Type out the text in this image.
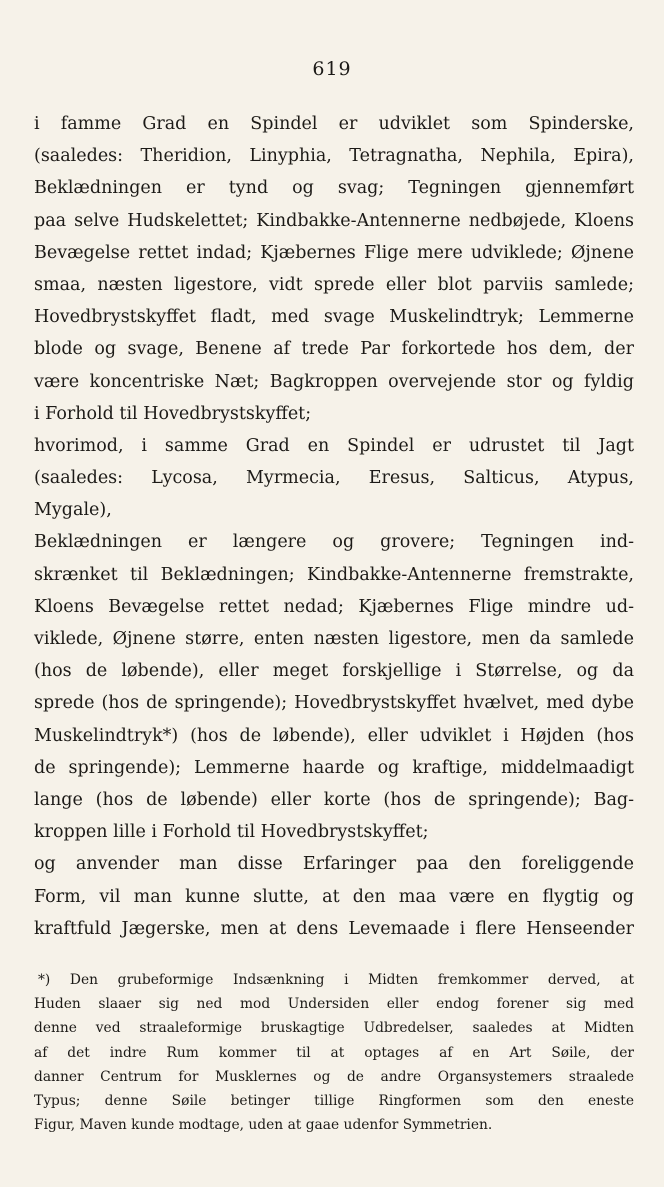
619
i famme Grad en Spindel er udviklet som Spinderske,
(saaledes: Theridion, Linyphia, Tetragnatha, Nephila, Epira),
Beklædningen er tynd og svag; Tegningen gjennemført
paa selve Hudskelettet; Kindbakke-Antennerne nedbøjede, Kloens
Bevægelse rettet indad; Kjæbernes Flige mere udviklede; Øjnene
smaa, næsten ligestore, vidt sprede eller blot parviis samlede;
Hovedbrystskyffet fladt, med svage Muskelindtryk; Lemmerne
blode og svage, Benene af trede Par forkortede hos dem, der
være koncentriske Næt; Bagkroppen overvejende stor og fyldig
i Forhold til Hovedbrystskyffet;
hvorimod, i samme Grad en Spindel er udrustet til Jagt
(saaledes: Lycosa, Myrmecia, Eresus, Salticus, Atypus,
Mygale),
Beklædningen er længere og grovere; Tegningen ind-
skrænket til Beklædningen; Kindbakke-Antennerne fremstrakte,
Kloens Bevægelse rettet nedad; Kjæbernes Flige mindre ud-
viklede, Øjnene større, enten næsten ligestore, men da samlede
(hos de løbende), eller meget forskjellige i Størrelse, og da
sprede (hos de springende); Hovedbrystskyffet hvælvet, med dybe
Muskelindtryk*) (hos de løbende), eller udviklet i Højden (hos
de springende); Lemmerne haarde og kraftige, middelmaadigt
lange (hos de løbende) eller korte (hos de springende); Bag-
kroppen lille i Forhold til Hovedbrystskyffet;
og anvender man disse Erfaringer paa den foreliggende
Form, vil man kunne slutte, at den maa være en flygtig og
kraftfuld Jægerske, men at dens Levemaade i flere Henseender
*) Den grubeformige Indsænkning i Midten fremkommer derved, at
Huden slaaer sig ned mod Undersiden eller endog forener sig med
denne ved straaleformige bruskagtige Udbredelser, saaledes at Midten
af det indre Rum kommer til at optages af en Art Søile, der
danner Centrum for Musklernes og de andre Organsystemers straalede
Typus; denne Søile betinger tillige Ringformen som den eneste
Figur, Maven kunde modtage, uden at gaae udenfor Symmetrien.
